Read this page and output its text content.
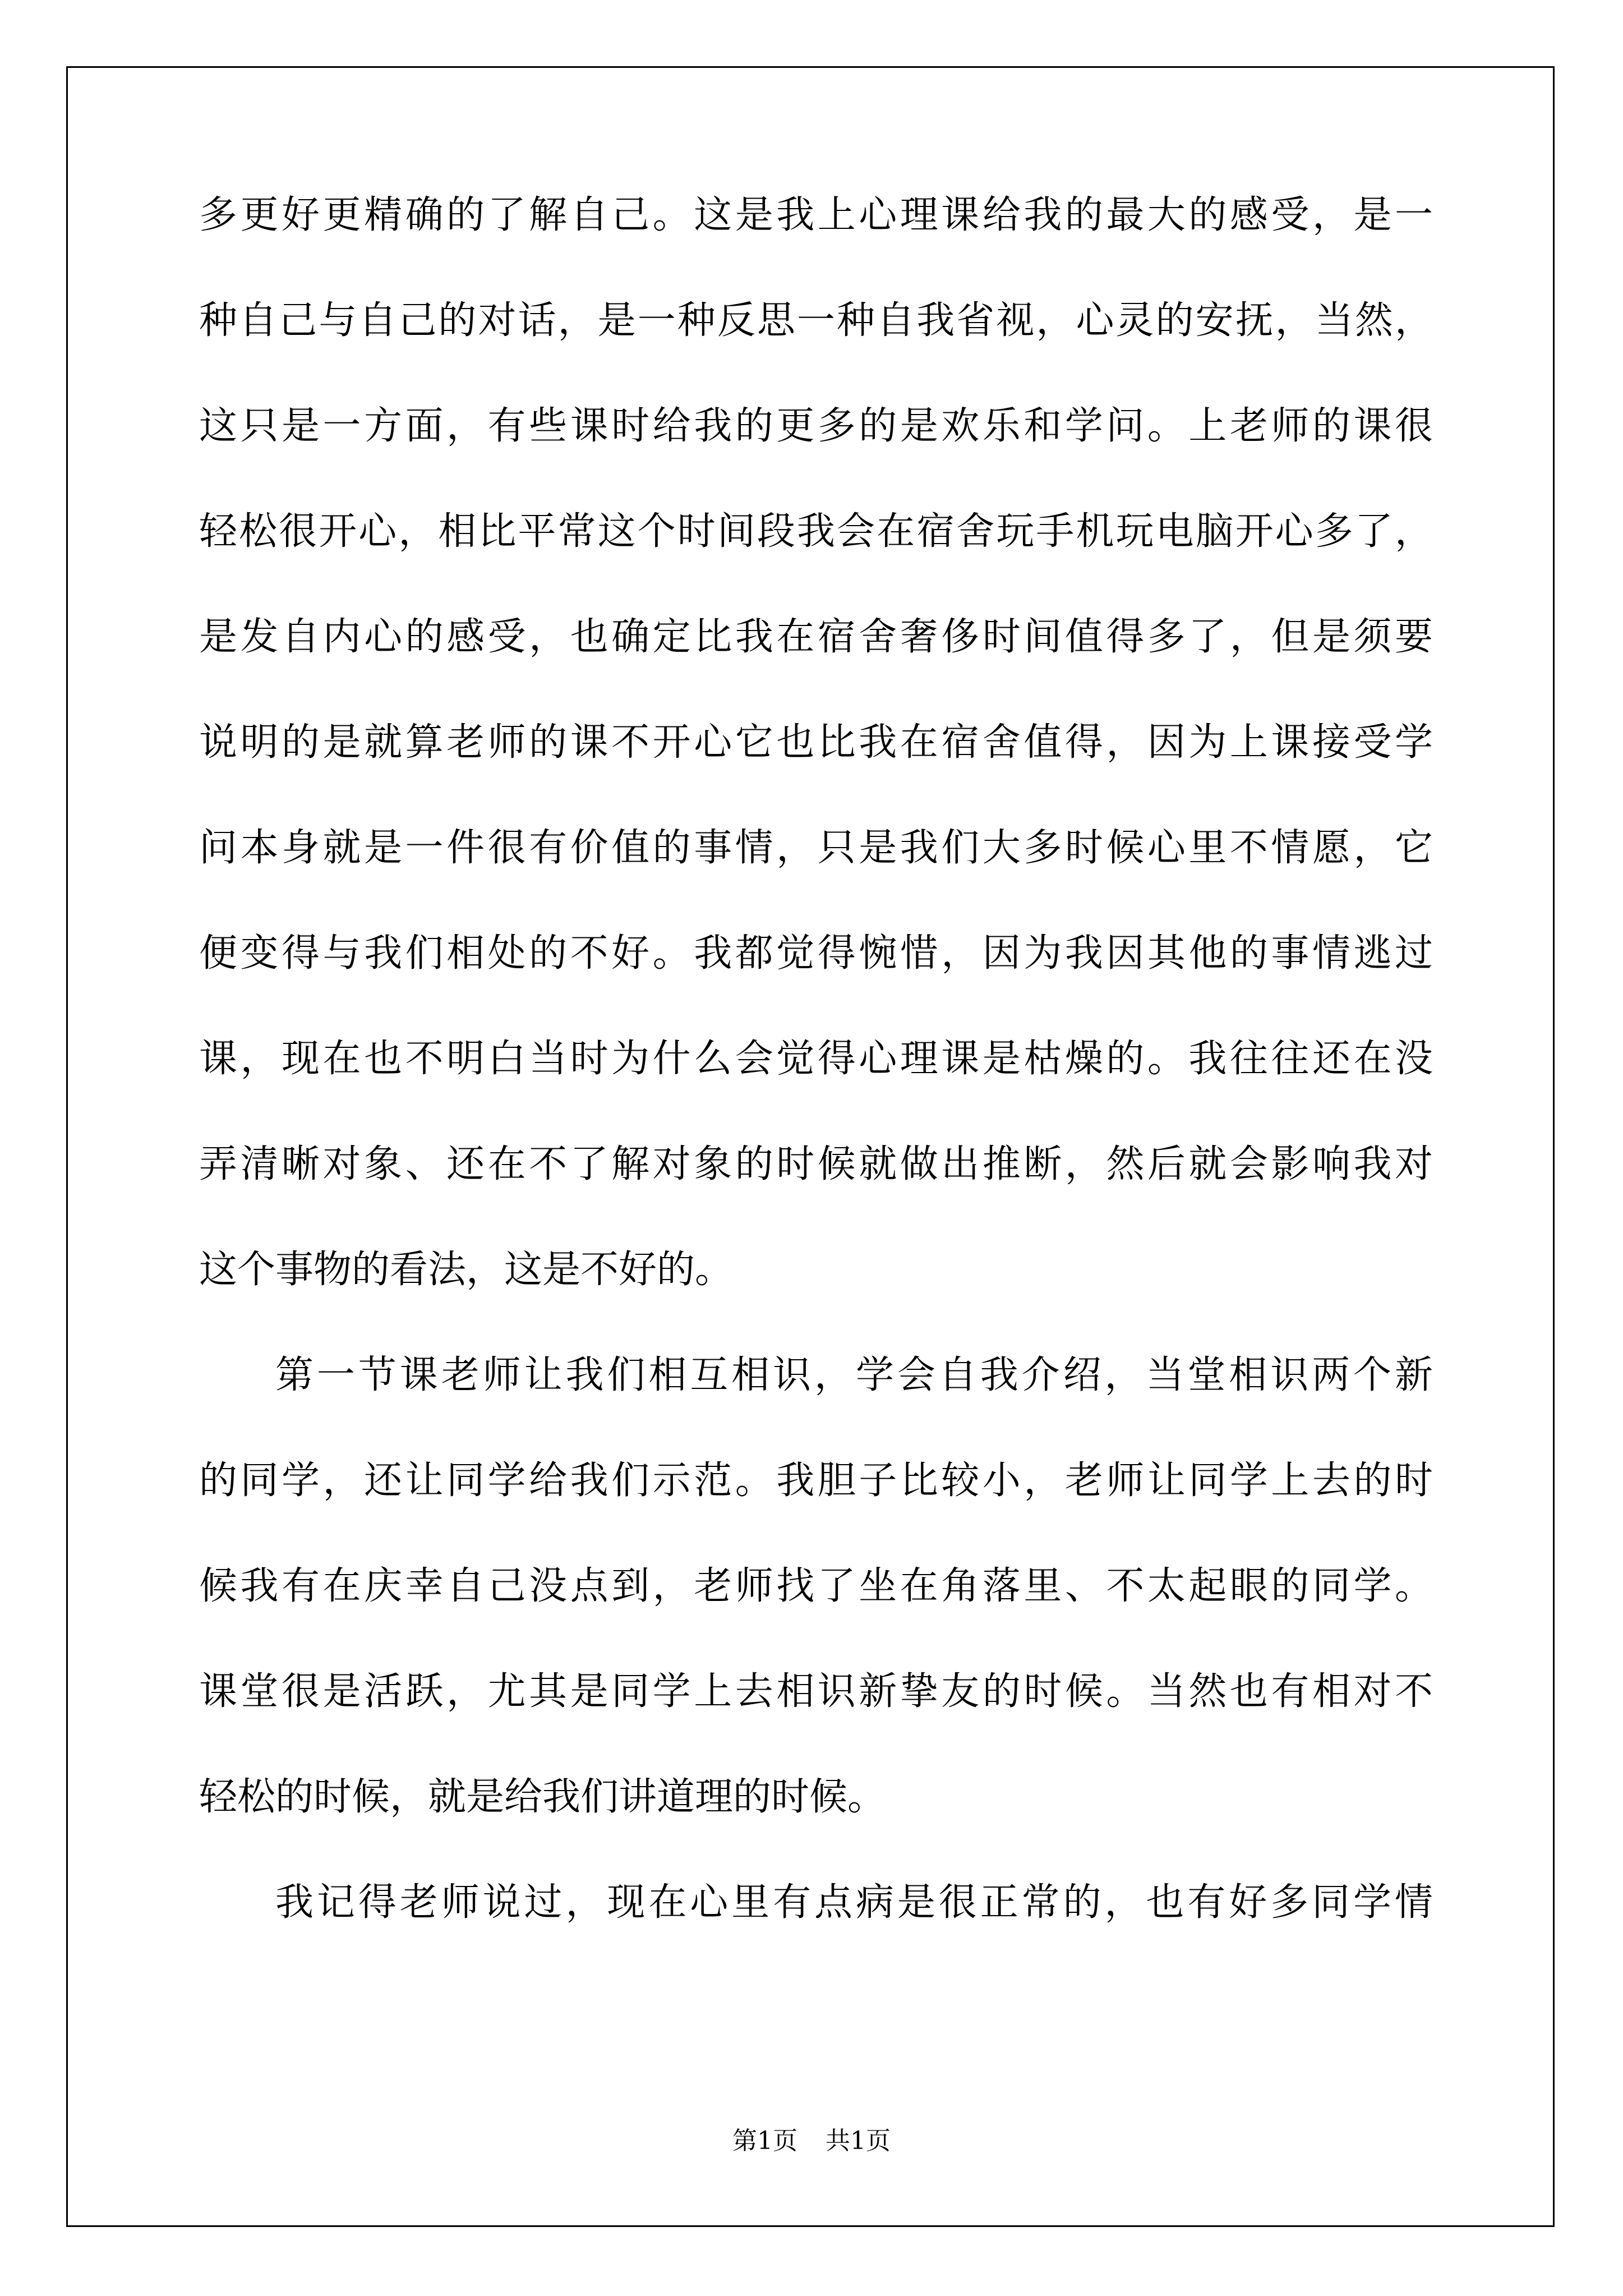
多更好更精确的了解自己。这是我上心理课给我的最大的感受，是一
种自己与自己的对话，是一种反思一种自我省视，心灵的安抚，当然，
这只是一方面，有些课时给我的更多的是欢乐和学问。上老师的课很
轻松很开心，相比平常这个时间段我会在宿舍玩手机玩电脑开心多了，
是发自内心的感受，也确定比我在宿舍奢侈时间值得多了，但是须要
说明的是就算老师的课不开心它也比我在宿舍值得，因为上课接受学
问本身就是一件很有价值的事情，只是我们大多时候心里不情愿，它
便变得与我们相处的不好。我都觉得惋惜，因为我因其他的事情逃过
课，现在也不明白当时为什么会觉得心理课是枯燥的。我往往还在没
弄清晰对象、还在不了解对象的时候就做出推断，然后就会影响我对
这个事物的看法，这是不好的。
第一节课老师让我们相互相识，学会自我介绍，当堂相识两个新
的同学，还让同学给我们示范。我胆子比较小，老师让同学上去的时
候我有在庆幸自己没点到，老师找了坐在角落里、不太起眼的同学。
课堂很是活跃，尤其是同学上去相识新挚友的时候。当然也有相对不
轻松的时候，就是给我们讲道理的时候。
我记得老师说过，现在心里有点病是很正常的，也有好多同学情
第1页 共1页
